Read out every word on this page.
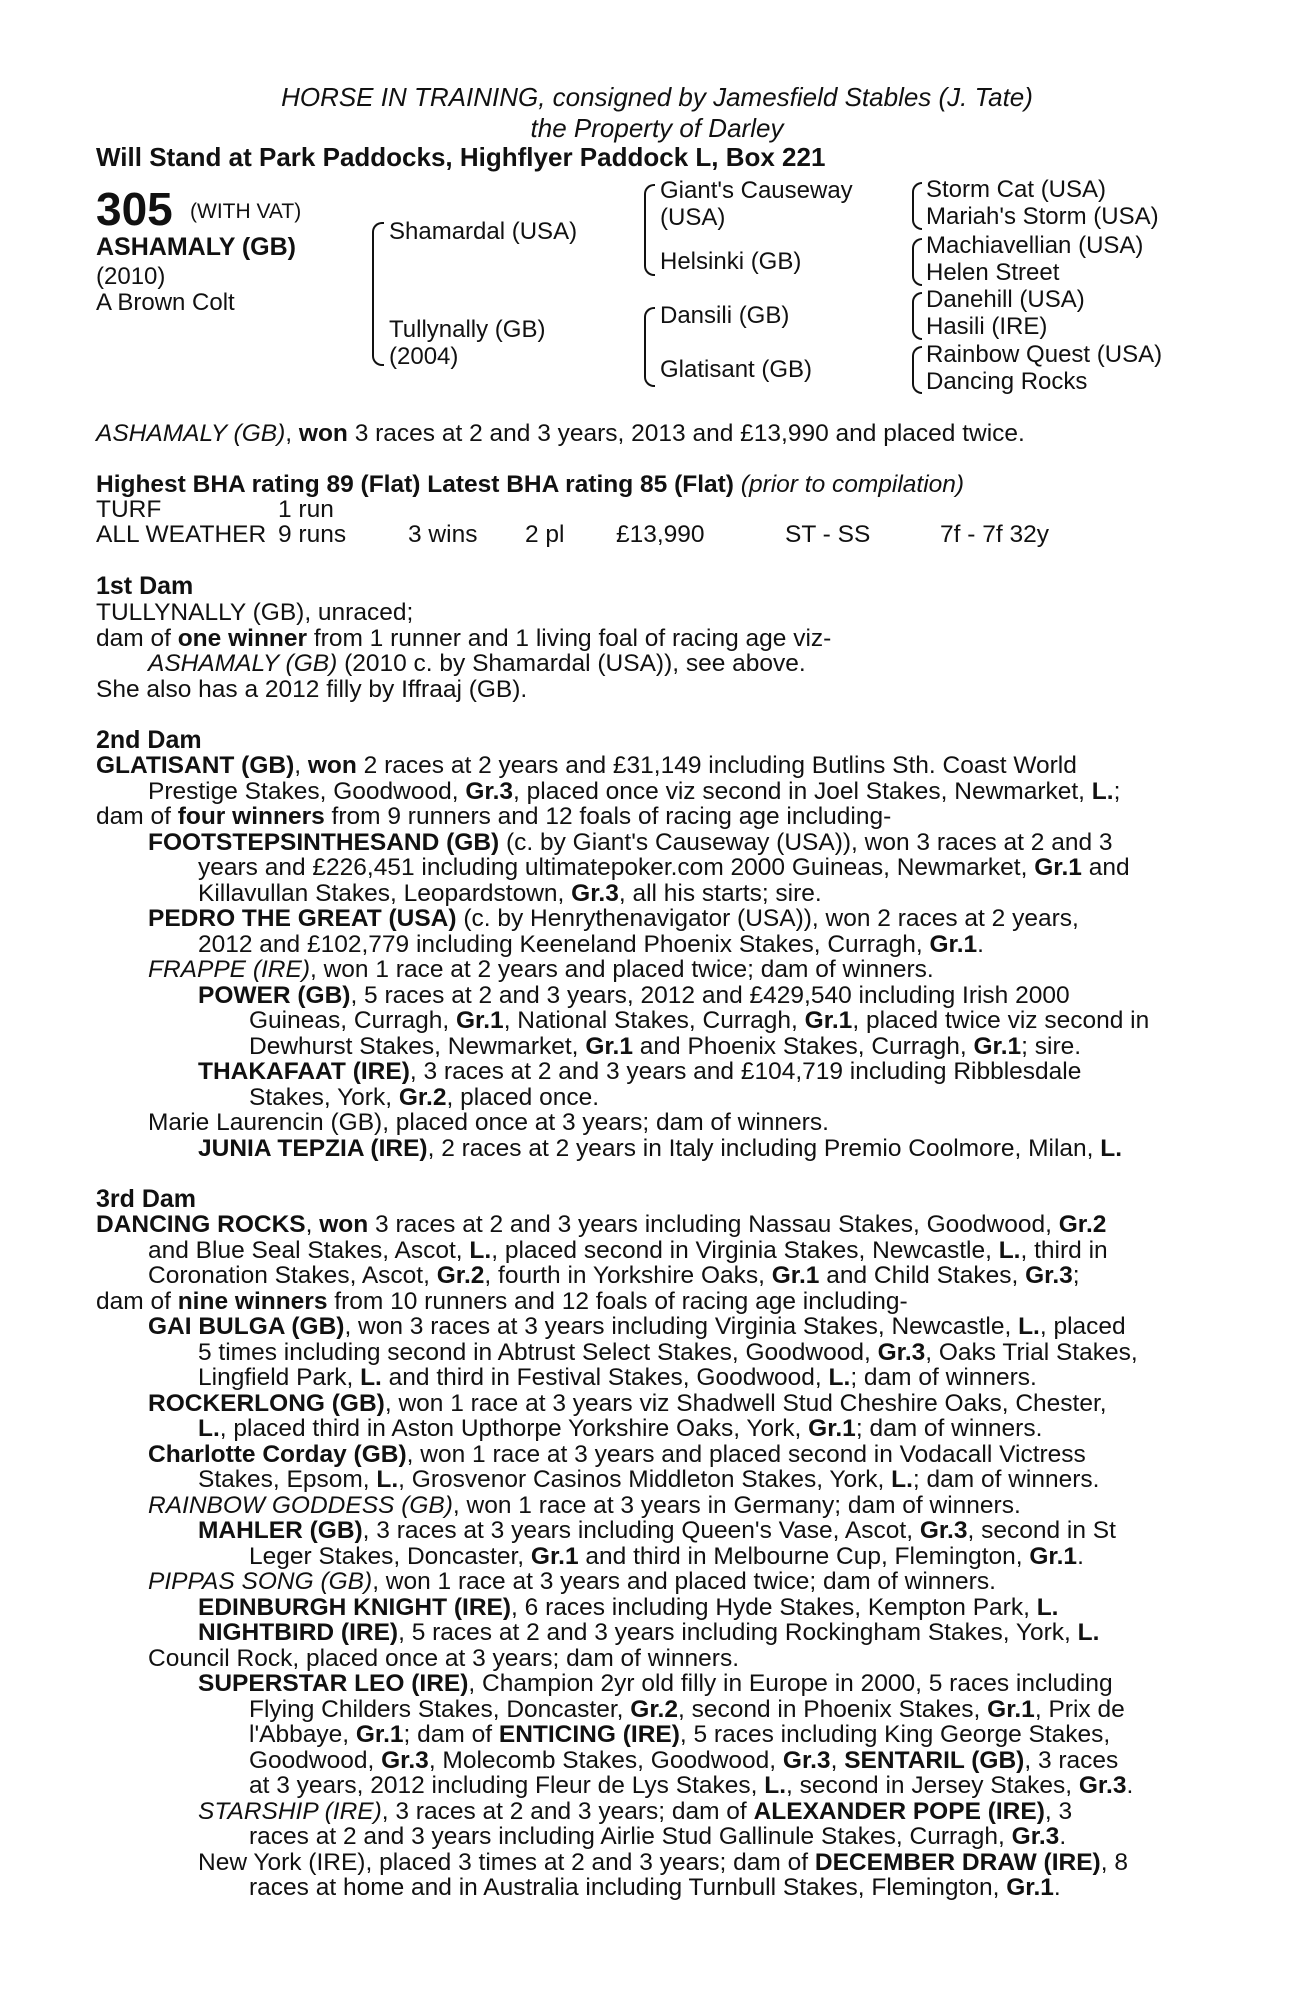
HORSE IN TRAINING, consigned by Jamesfield Stables (J. Tate)
the Property of Darley
Will Stand at Park Paddocks, Highflyer Paddock L, Box 221
305 (WITH VAT)
ASHAMALY (GB)
(2010)
A Brown Colt
Shamardal (USA)
Tullynally (GB)
(2004)
Giant's Causeway
(USA)
Helsinki (GB)
Dansili (GB)
Glatisant (GB)
Storm Cat (USA)
Mariah's Storm (USA)
Machiavellian (USA)
Helen Street
Danehill (USA)
Hasili (IRE)
Rainbow Quest (USA)
Dancing Rocks
ASHAMALY (GB), won 3 races at 2 and 3 years, 2013 and £13,990 and placed twice.
Highest BHA rating 89 (Flat) Latest BHA rating 85 (Flat) (prior to compilation)
TURF	1 run
ALL WEATHER 9 runs	3 wins 2 pl £13,990	ST - SS	7f - 7f 32y
1st Dam
TULLYNALLY (GB), unraced;
dam of one winner from 1 runner and 1 living foal of racing age viz-
ASHAMALY (GB) (2010 c. by Shamardal (USA)), see above.
She also has a 2012 filly by Iffraaj (GB).
2nd Dam
GLATISANT (GB), won 2 races at 2 years and £31,149 including Butlins Sth. Coast World
Prestige Stakes, Goodwood, Gr.3, placed once viz second in Joel Stakes, Newmarket, L.;
dam of four winners from 9 runners and 12 foals of racing age including-
FOOTSTEPSINTHESAND (GB) (c. by Giant's Causeway (USA)), won 3 races at 2 and 3
years and £226,451 including ultimatepoker.com 2000 Guineas, Newmarket, Gr.1 and
Killavullan Stakes, Leopardstown, Gr.3, all his starts; sire.
PEDRO THE GREAT (USA) (c. by Henrythenavigator (USA)), won 2 races at 2 years,
2012 and £102,779 including Keeneland Phoenix Stakes, Curragh, Gr.1.
FRAPPE (IRE), won 1 race at 2 years and placed twice; dam of winners.
POWER (GB), 5 races at 2 and 3 years, 2012 and £429,540 including Irish 2000
Guineas, Curragh, Gr.1, National Stakes, Curragh, Gr.1, placed twice viz second in
Dewhurst Stakes, Newmarket, Gr.1 and Phoenix Stakes, Curragh, Gr.1; sire.
THAKAFAAT (IRE), 3 races at 2 and 3 years and £104,719 including Ribblesdale
Stakes, York, Gr.2, placed once.
Marie Laurencin (GB), placed once at 3 years; dam of winners.
JUNIA TEPZIA (IRE), 2 races at 2 years in Italy including Premio Coolmore, Milan, L.
3rd Dam
DANCING ROCKS, won 3 races at 2 and 3 years including Nassau Stakes, Goodwood, Gr.2
and Blue Seal Stakes, Ascot, L., placed second in Virginia Stakes, Newcastle, L., third in
Coronation Stakes, Ascot, Gr.2, fourth in Yorkshire Oaks, Gr.1 and Child Stakes, Gr.3;
dam of nine winners from 10 runners and 12 foals of racing age including-
GAI BULGA (GB), won 3 races at 3 years including Virginia Stakes, Newcastle, L., placed
5 times including second in Abtrust Select Stakes, Goodwood, Gr.3, Oaks Trial Stakes,
Lingfield Park, L. and third in Festival Stakes, Goodwood, L.; dam of winners.
ROCKERLONG (GB), won 1 race at 3 years viz Shadwell Stud Cheshire Oaks, Chester,
L., placed third in Aston Upthorpe Yorkshire Oaks, York, Gr.1; dam of winners.
Charlotte Corday (GB), won 1 race at 3 years and placed second in Vodacall Victress
Stakes, Epsom, L., Grosvenor Casinos Middleton Stakes, York, L.; dam of winners.
RAINBOW GODDESS (GB), won 1 race at 3 years in Germany; dam of winners.
MAHLER (GB), 3 races at 3 years including Queen's Vase, Ascot, Gr.3, second in St
Leger Stakes, Doncaster, Gr.1 and third in Melbourne Cup, Flemington, Gr.1.
PIPPAS SONG (GB), won 1 race at 3 years and placed twice; dam of winners.
EDINBURGH KNIGHT (IRE), 6 races including Hyde Stakes, Kempton Park, L.
NIGHTBIRD (IRE), 5 races at 2 and 3 years including Rockingham Stakes, York, L.
Council Rock, placed once at 3 years; dam of winners.
SUPERSTAR LEO (IRE), Champion 2yr old filly in Europe in 2000, 5 races including
Flying Childers Stakes, Doncaster, Gr.2, second in Phoenix Stakes, Gr.1, Prix de
l'Abbaye, Gr.1; dam of ENTICING (IRE), 5 races including King George Stakes,
Goodwood, Gr.3, Molecomb Stakes, Goodwood, Gr.3, SENTARIL (GB), 3 races
at 3 years, 2012 including Fleur de Lys Stakes, L., second in Jersey Stakes, Gr.3.
STARSHIP (IRE), 3 races at 2 and 3 years; dam of ALEXANDER POPE (IRE), 3
races at 2 and 3 years including Airlie Stud Gallinule Stakes, Curragh, Gr.3.
New York (IRE), placed 3 times at 2 and 3 years; dam of DECEMBER DRAW (IRE), 8
races at home and in Australia including Turnbull Stakes, Flemington, Gr.1.
